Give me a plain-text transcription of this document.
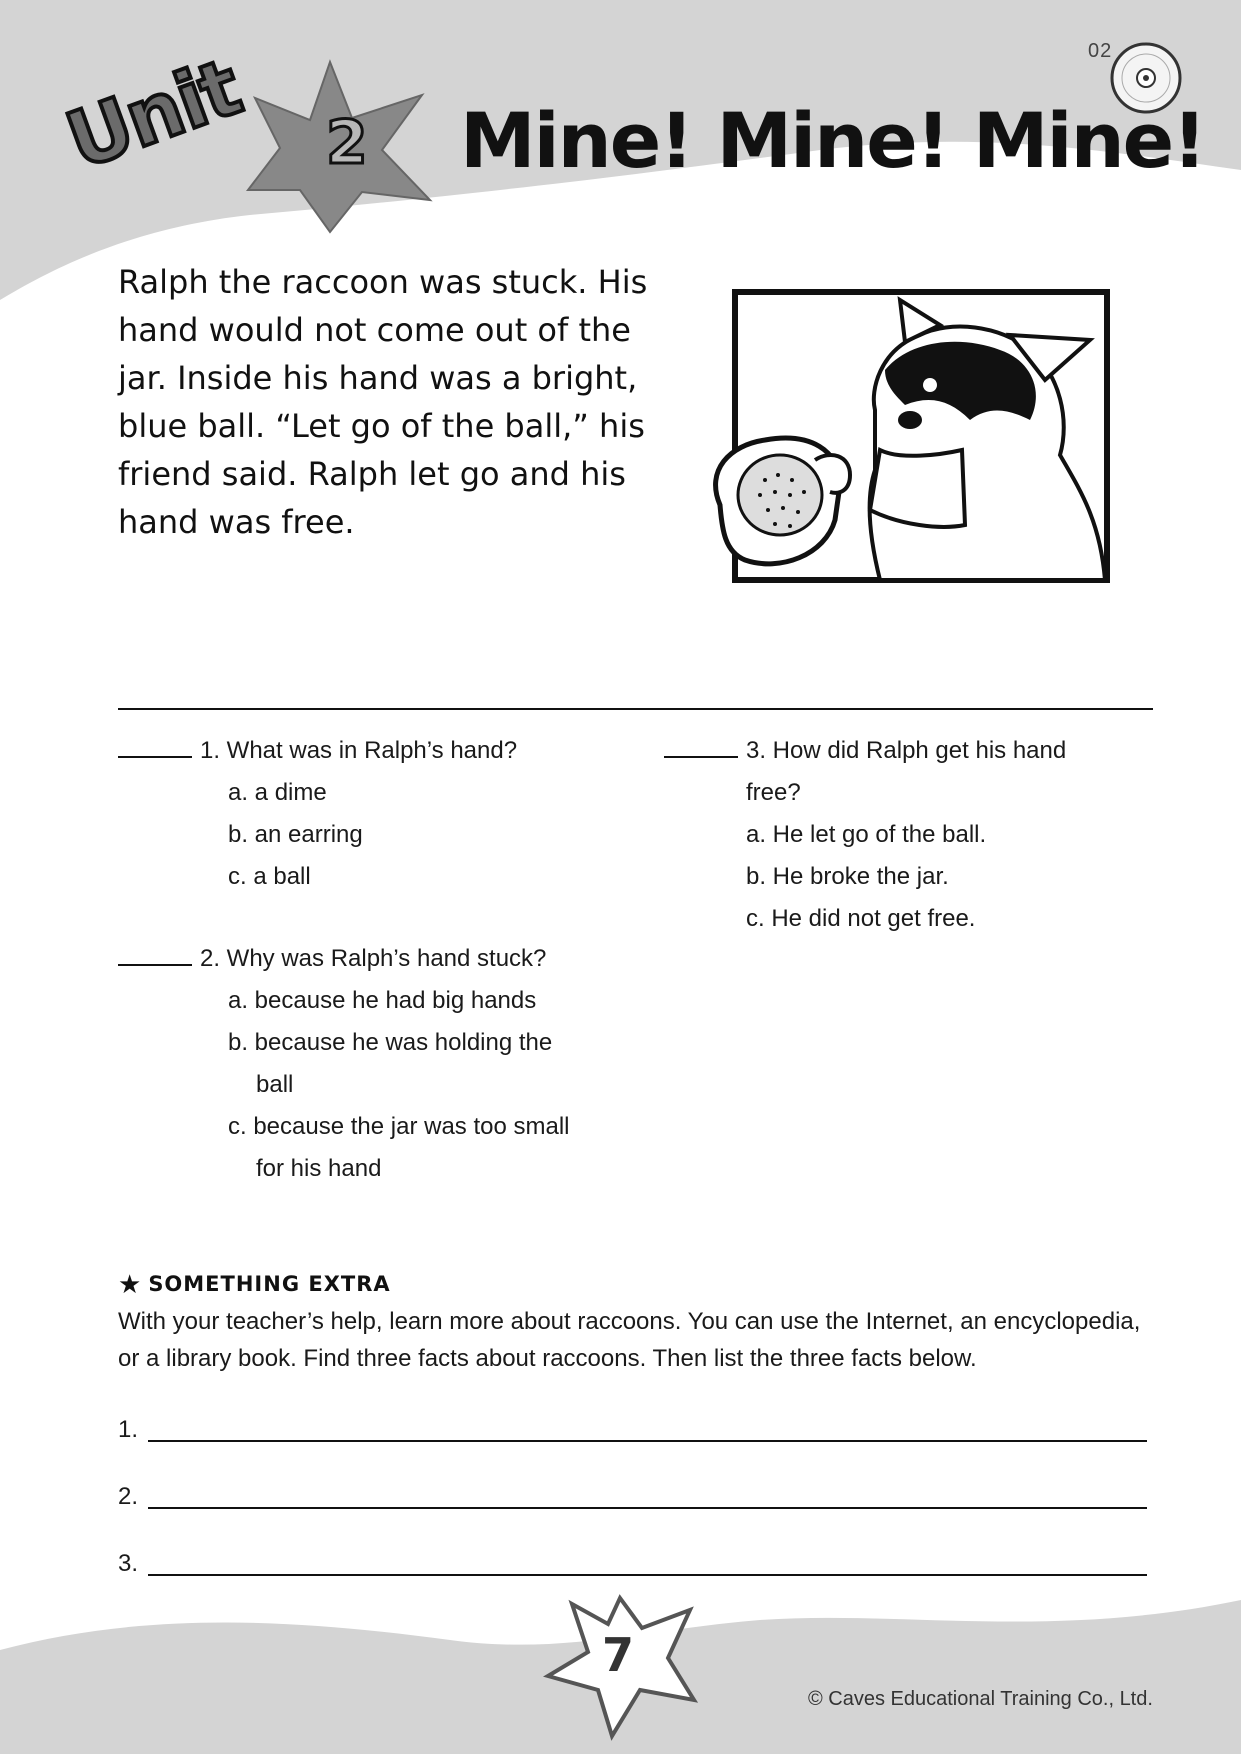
02
Unit 2 Mine! Mine! Mine!
Ralph the raccoon was stuck. His
hand would not come out of the
jar. Inside his hand was a bright,
blue ball. “Let go of the ball,” his
friend said. Ralph let go and his
hand was free.
1. What was in Ralph’s hand?
a. a dime
b. an earring
c. a ball
2. Why was Ralph’s hand stuck?
a. because he had big hands
b. because he was holding the
ball
c. because the jar was too small
for his hand
3. How did Ralph get his hand
free?
a. He let go of the ball.
b. He broke the jar.
c. He did not get free.
★ SOMETHING EXTRA
With your teacher’s help, learn more about raccoons. You can use the Internet, an encyclopedia, or a library book. Find three facts about raccoons. Then list the three facts below.
1.
2.
3.
7
© Caves Educational Training Co., Ltd.
